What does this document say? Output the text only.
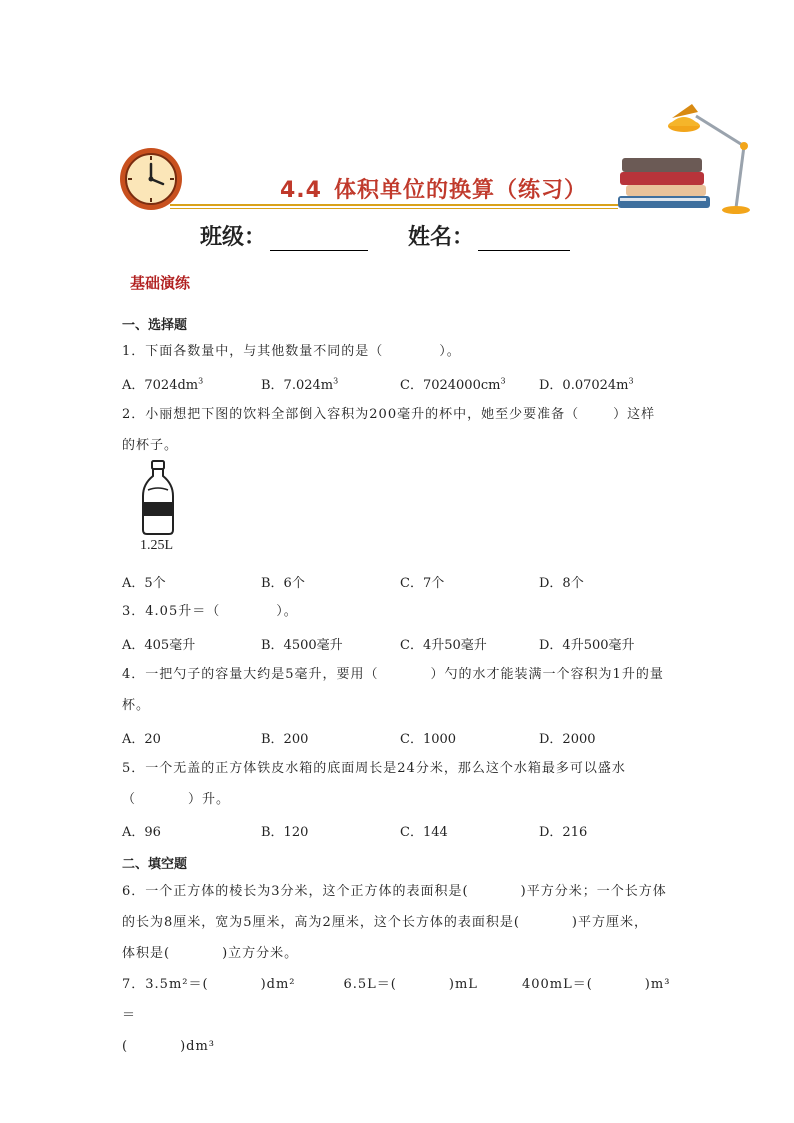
4.4 体积单位的换算（练习）
班级：	姓名：
基础演练
一、选择题
1．下面各数量中，与其他数量不同的是（　　　　）。
A．$7024dm^3$	B．$7.024m^3$	C．$7024000cm^3$	D．$0.07024m^3$
2．小丽想把下图的饮料全部倒入容积为200毫升的杯中，她至少要准备（	）这样
的杯子。
1.25L
A．5个	B．6个	C．7个	D．8个
3．4.05升＝（　　　　）。
A．405毫升	B．4500毫升	C．4升50毫升	D．4升500毫升
4．一把勺子的容量大约是5毫升，要用（	）勺的水才能装满一个容积为1升的量
杯。
A．20	B．200	C．1000	D．2000
5．一个无盖的正方体铁皮水箱的底面周长是24分米，那么这个水箱最多可以盛水
（	）升。
A．96	B．120	C．144	D．216
二、填空题
6．一个正方体的棱长为3分米，这个正方体的表面积是(	)平方分米；一个长方体
的长为8厘米，宽为5厘米，高为2厘米，这个长方体的表面积是(	)平方厘米，
体积是(	)立方分米。
7．3.5m²＝(	)dm²	6.5L＝(	)mL	400mL＝(	)m³＝
(	)dm³
